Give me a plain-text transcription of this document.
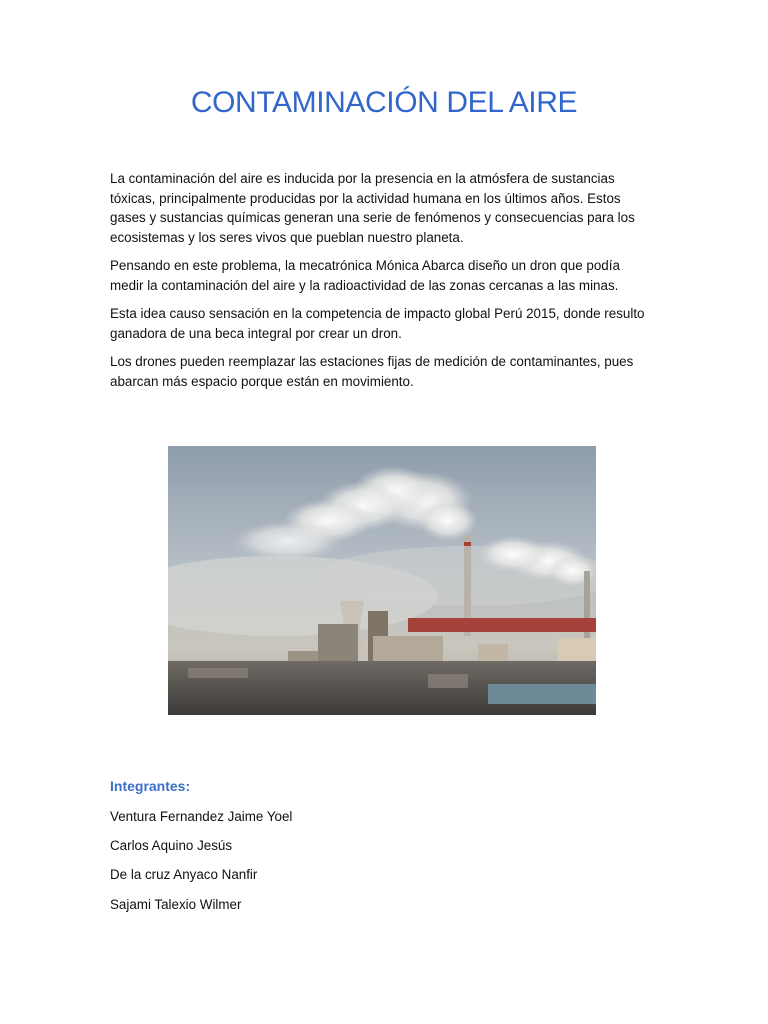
CONTAMINACIÓN DEL AIRE

La contaminación del aire es inducida por la presencia en la atmósfera de sustancias tóxicas, principalmente producidas por la actividad humana en los últimos años. Estos gases y sustancias químicas generan una serie de fenómenos y consecuencias para los ecosistemas y los seres vivos que pueblan nuestro planeta.

Pensando en este problema, la mecatrónica Mónica Abarca diseño un dron que podía medir la contaminación del aire y la radioactividad de las zonas cercanas a las minas.

Esta idea causo sensación en la competencia de impacto global Perú 2015, donde resulto ganadora de una beca integral por crear un dron.

Los drones pueden reemplazar las estaciones fijas de medición de contaminantes, pues abarcan más espacio porque están en movimiento.

Integrantes:
Ventura Fernandez Jaime Yoel
Carlos Aquino Jesús
De la cruz Anyaco Nanfir
Sajami Talexio Wilmer
